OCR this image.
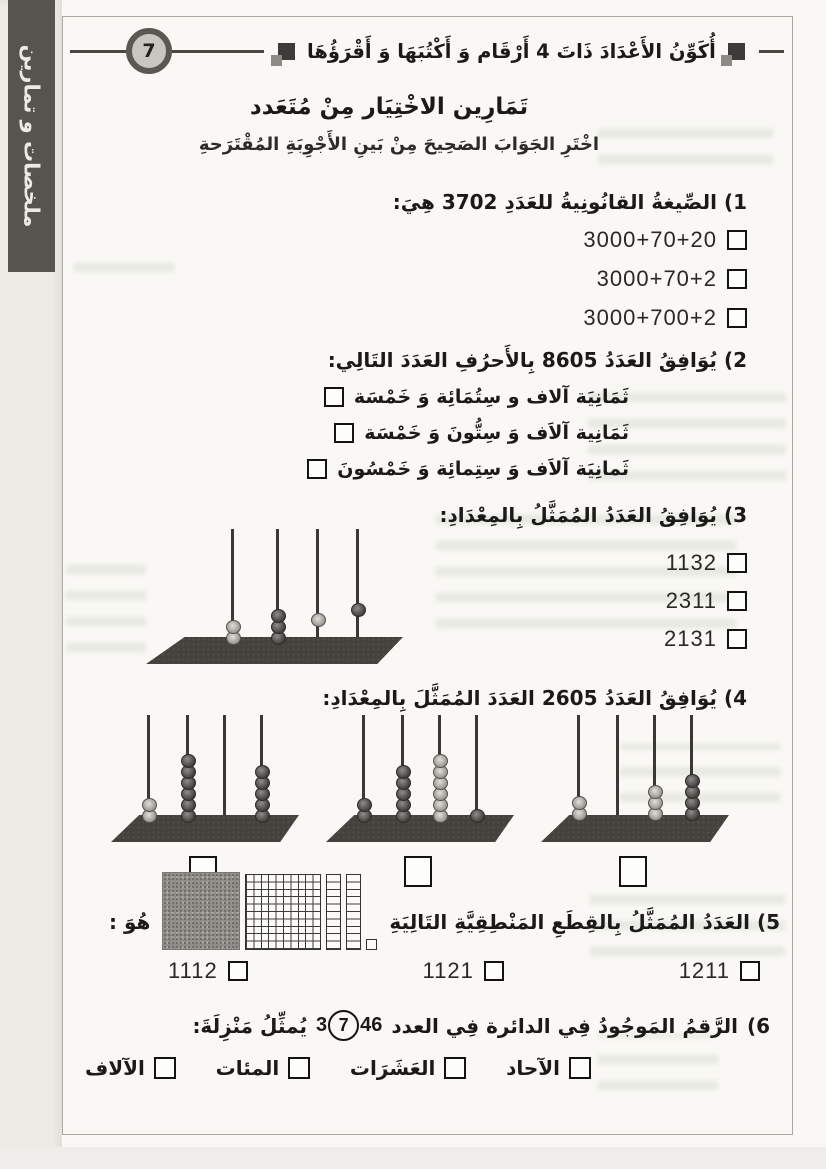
ملخصات و تمارين	7	أُكَوِّنُ الأَعْدَادَ ذَاتَ 4 أَرْقَام وَ أَكْتُبَهَا وَ أَقْرَؤُهَا
تَمَارِين الاخْتِيَار مِنْ مُتَعَدد
اخْتَرِ الجَوَابَ الصَحِيحَ مِنْ بَينِ الأَجْوِبَةِ المُقْتَرَحةِ
1)
الصِّيغةُ القانُونِيةُ للعَدَدِ 3702 هِيَ:
3000+70+20
3000+70+2
3000+700+2
2)
يُوَافِقُ العَدَدُ 8605 بِالأَحرُفِ العَدَدَ التَالِي:
ثَمَانِيَة آلاف و سِتُمَائِة وَ خَمْسَة
ثَمَانِية آلاَف وَ سِتُّونَ وَ خَمْسَة
ثَمانِيَة آلاَف وَ سِتِمائِة وَ خَمْسُونَ
3)
يُوَافِقُ العَدَدُ المُمَثَّلُ بِالمِعْدَادِ:
1132
2311
2131
4)
يُوَافِقُ العَدَدُ 2605 العَدَدَ المُمَثَّلَ بِالمِعْدَادِ:
5) العَدَدُ المُمَثَّلُ بِالقِطَعِ المَنْطِقِيَّةِ التَالِيَةِ
هُوَ :
1211
1121
1112
6)
الرَّقمُ المَوجُودُ فِي الدائرة فِي العدد
3 7 46
يُمثِّلُ مَنْزِلَةَ:
الآحاد
العَشَرَات
المئات
الآلاف
